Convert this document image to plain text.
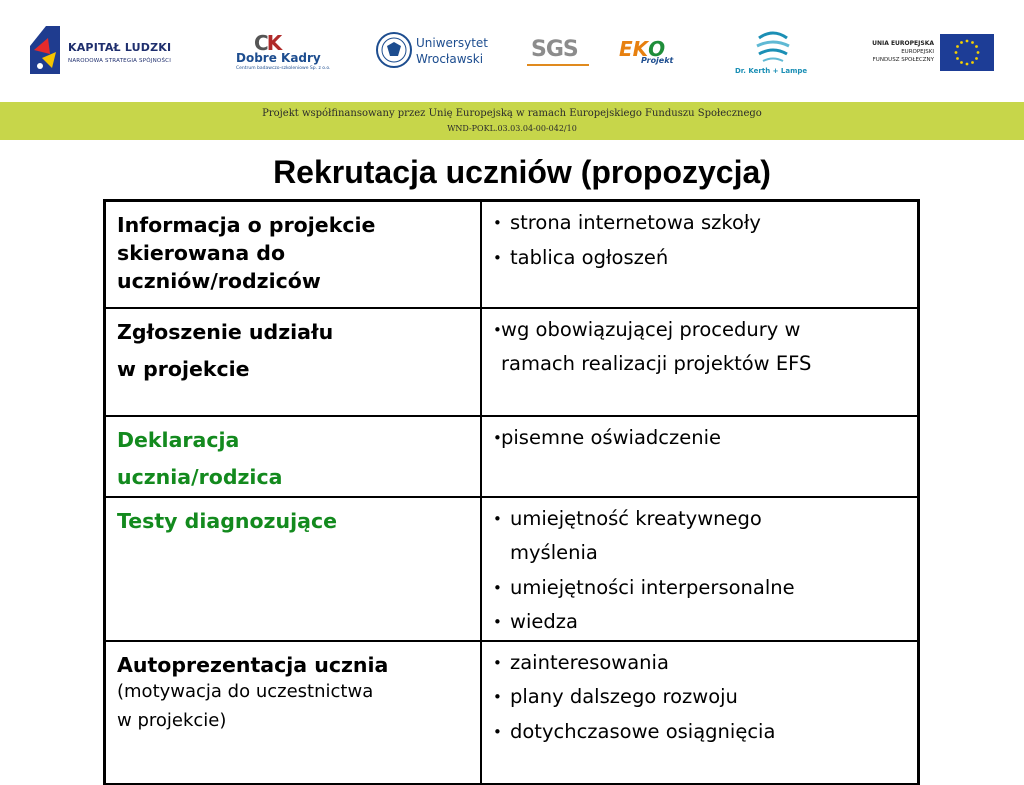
KAPITAŁ LUDZKI
NARODOWA STRATEGIA SPÓJNOŚCI
CK
Dobre Kadry
Centrum badawczo-szkoleniowe Sp. z o.o.
Uniwersytet
Wrocławski SGS EKO
Projekt
Dr. Kerth + Lampe
UNIA EUROPEJSKA
EUROPEJSKI
FUNDUSZ SPOŁECZNY
Projekt współfinansowany przez Unię Europejską w ramach Europejskiego Funduszu Społecznego
WND-POKL.03.03.04-00-042/10
Rekrutacja uczniów (propozycja)
Informacja o projekcie skierowana do uczniów/rodziców	• strona internetowa szkoły
• tablica ogłoszeń

Zgłoszenie udziału
w projekcie	• wg obowiązującej procedury w
ramach realizacji projektów EFS

Deklaracja
ucznia/rodzica	• pisemne oświadczenie

Testy diagnozujące	• umiejętność kreatywnego
myślenia
• umiejętności interpersonalne
• wiedza

Autoprezentacja ucznia
(motywacja do uczestnictwa
w projekcie)	• zainteresowania
• plany dalszego rozwoju
• dotychczasowe osiągnięcia
